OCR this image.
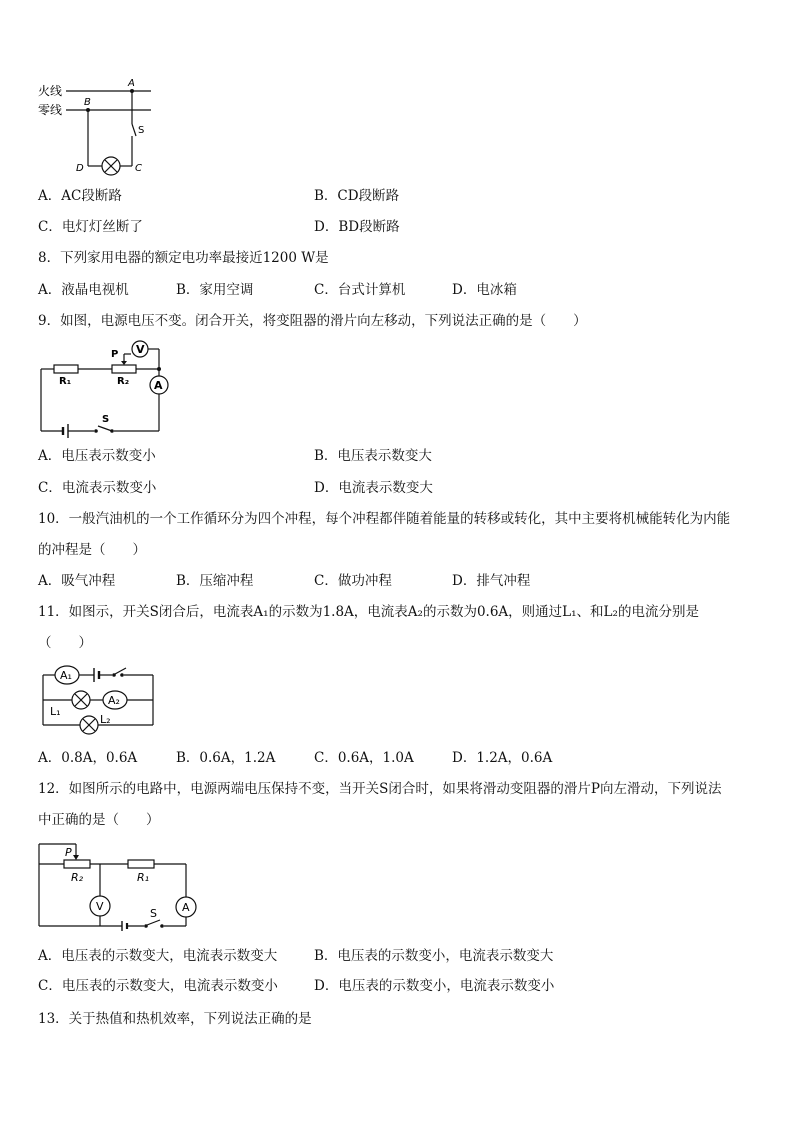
火线
零线
A
B
S
D	C
A．AC段断路	B．CD段断路
C．电灯灯丝断了	D．BD段断路
8．下列家用电器的额定电功率最接近1200 W是
A．液晶电视机	B．家用空调	C．台式计算机	D．电冰箱
9．如图，电源电压不变。闭合开关，将变阻器的滑片向左移动，下列说法正确的是（　　）
V
A
P
R₁	R₂
S
A．电压表示数变小	B．电压表示数变大
C．电流表示数变小	D．电流表示数变大
10．一般汽油机的一个工作循环分为四个冲程，每个冲程都伴随着能量的转移或转化，其中主要将机械能转化为内能
的冲程是（　　）
A．吸气冲程	B．压缩冲程	C．做功冲程	D．排气冲程
11．如图示，开关S闭合后，电流表A₁的示数为1.8A，电流表A₂的示数为0.6A，则通过L₁、和L₂的电流分别是
（　　）
A₁
A₂
L₁
L₂
A．0.8A，0.6A	B．0.6A，1.2A	C．0.6A，1.0A	D．1.2A，0.6A
12．如图所示的电路中，电源两端电压保持不变，当开关S闭合时，如果将滑动变阻器的滑片P向左滑动，下列说法
中正确的是（　　）
P
R₂	R₁
V	A
S
A．电压表的示数变大，电流表示数变大	B．电压表的示数变小，电流表示数变大
C．电压表的示数变大，电流表示数变小	D．电压表的示数变小，电流表示数变小
13．关于热值和热机效率，下列说法正确的是
